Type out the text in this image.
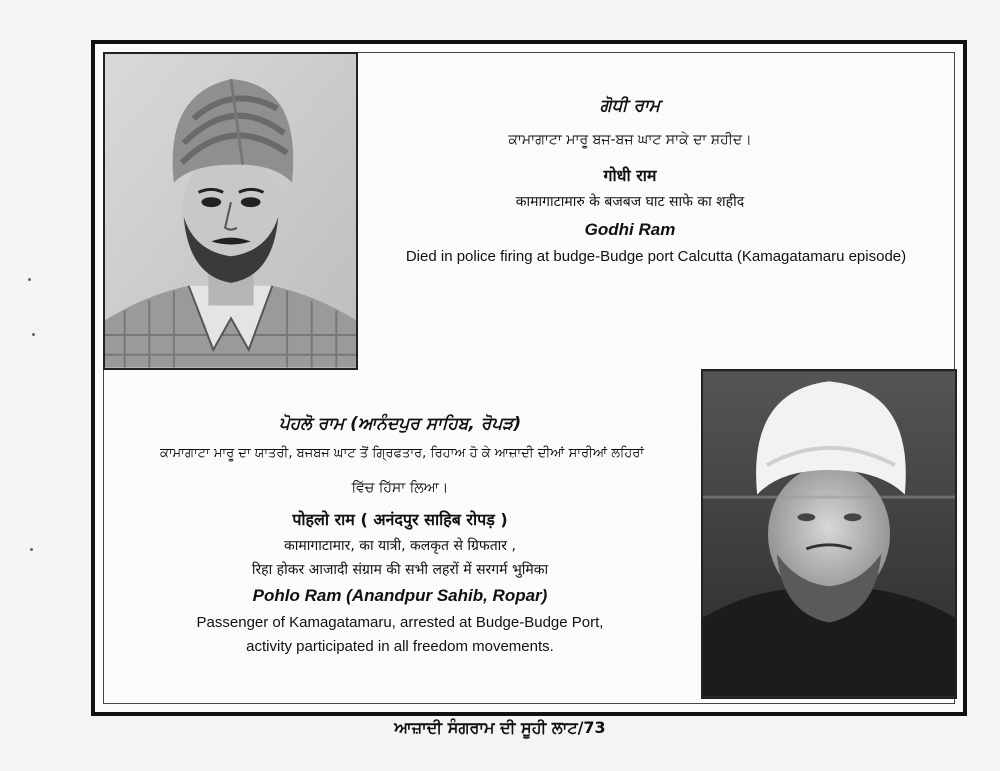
ਗੋਧੀ ਰਾਮ
ਕਾਮਾਗਾਟਾ ਮਾਰੂ ਬਜ-ਬਜ ਘਾਟ ਸਾਕੇ ਦਾ ਸ਼ਹੀਦ।
गोधी राम
कामागाटामारु के बजबज घाट साफे का शहीद
Godhi Ram
Died in police firing at budge-Budge port Calcutta (Kamagatamaru episode)
ਪੋਹਲੋ ਰਾਮ (ਆਨੰਦਪੁਰ ਸਾਹਿਬ, ਰੋਪੜ)
ਕਾਮਾਗਾਟਾ ਮਾਰੂ ਦਾ ਯਾਤਰੀ, ਬਜਬਜ ਘਾਟ ਤੋਂ ਗ੍ਰਿਫਤਾਰ, ਰਿਹਾਅ ਹੋ ਕੇ ਆਜ਼ਾਦੀ ਦੀਆਂ ਸਾਰੀਆਂ ਲਹਿਰਾਂ
ਵਿੱਚ ਹਿੱਸਾ ਲਿਆ।
पोहलो राम ( अनंदपुर साहिब रोपड़ )
कामागाटामार, का यात्री, कलकृत से ग्रिफतार ,
रिहा होकर आजादी संग्राम की सभी लहरों में सरगर्म भुमिका
Pohlo Ram (Anandpur Sahib, Ropar)
Passenger of Kamagatamaru, arrested at Budge-Budge Port,
activity participated in all freedom movements.
ਆਜ਼ਾਦੀ ਸੰਗਰਾਮ ਦੀ ਸੂਹੀ ਲਾਟ/73
